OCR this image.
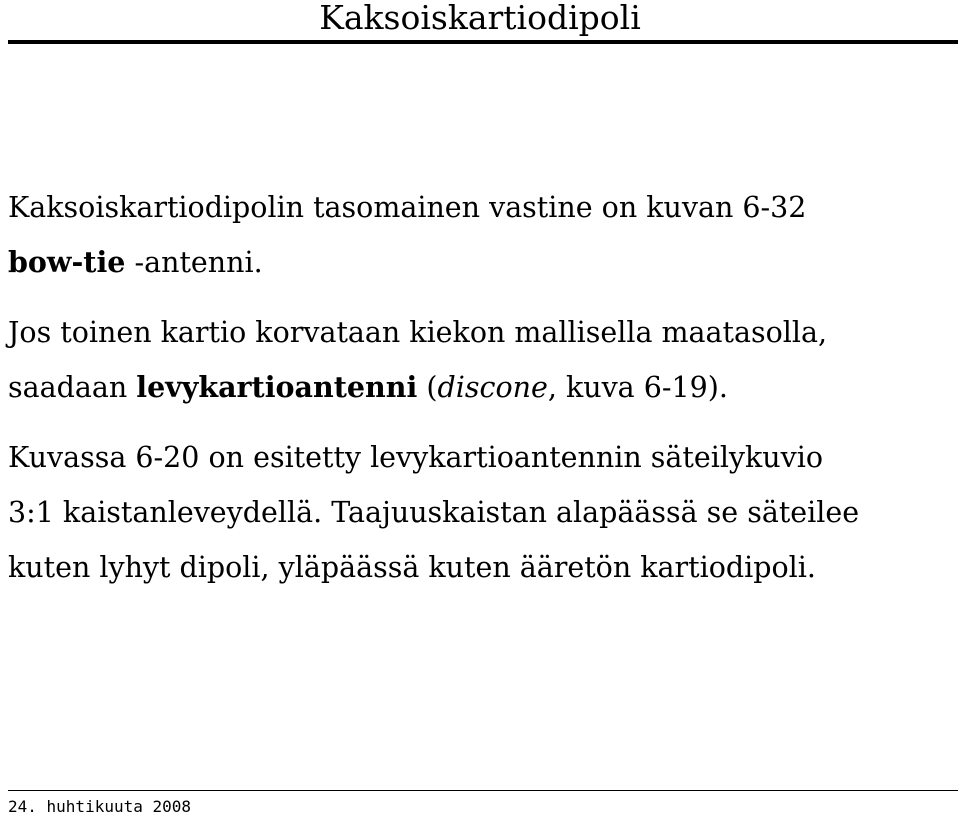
Kaksoiskartiodipoli

Kaksoiskartiodipolin tasomainen vastine on kuvan 6-32
bow-tie -antenni.

Jos toinen kartio korvataan kiekon mallisella maatasolla,
saadaan levykartioantenni (discone, kuva 6-19).

Kuvassa 6-20 on esitetty levykartioantennin säteilykuvio
3:1 kaistanleveydellä. Taajuuskaistan alapäässä se säteilee
kuten lyhyt dipoli, yläpäässä kuten ääretön kartiodipoli.

24. huhtikuuta 2008
